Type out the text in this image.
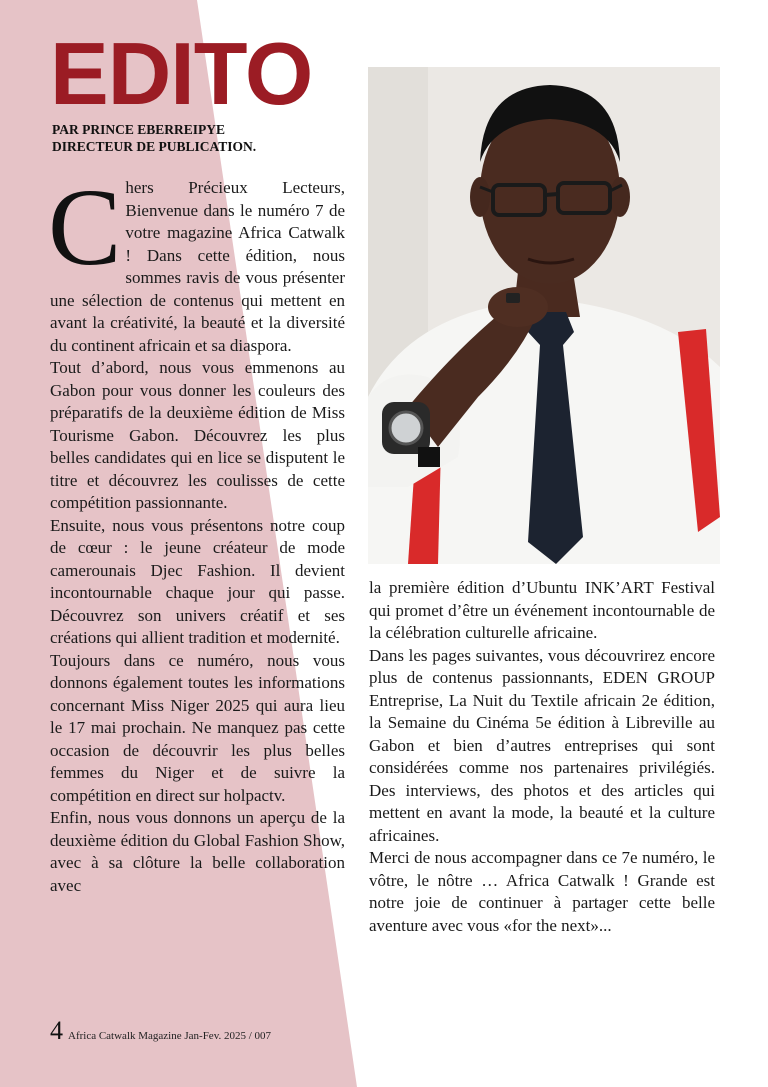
EDITO
PAR PRINCE EBERREIPYE
DIRECTEUR DE PUBLICATION.

Chers Précieux Lecteurs, Bienvenue dans le numéro 7 de votre magazine Africa Catwalk ! Dans cette édition, nous sommes ravis de vous présenter une sélection de contenus qui mettent en avant la créativité, la beauté et la diversité du continent africain et sa diaspora.

Tout d’abord, nous vous emmenons au Gabon pour vous donner les couleurs des préparatifs de la deuxième édition de Miss Tourisme Gabon. Découvrez les plus belles candidates qui en lice se disputent le titre et découvrez les coulisses de cette compétition passionnante.

Ensuite, nous vous présentons notre coup de cœur : le jeune créateur de mode camerounais Djec Fashion. Il devient incontournable chaque jour qui passe. Découvrez son univers créatif et ses créations qui allient tradition et modernité.

Toujours dans ce numéro, nous vous donnons également toutes les informations concernant Miss Niger 2025 qui aura lieu le 17 mai prochain. Ne manquez pas cette occasion de découvrir les plus belles femmes du Niger et de suivre la compétition en direct sur holpactv.

Enfin, nous vous donnons un aperçu de la deuxième édition du Global Fashion Show, avec à sa clôture la belle collaboration avec

la première édition d’Ubuntu INK’ART Festival qui promet d’être un événement incontournable de la célébration culturelle africaine.

Dans les pages suivantes, vous découvrirez encore plus de contenus passionnants, EDEN GROUP Entreprise, La Nuit du Textile africain 2e édition, la Semaine du Cinéma 5e édition à Libreville au Gabon et bien d’autres entreprises qui sont considérées comme nos partenaires privilégiés. Des interviews, des photos et des articles qui mettent en avant la mode, la beauté et la culture africaines.

Merci de nous accompagner dans ce 7e numéro, le vôtre, le nôtre … Africa Catwalk ! Grande est notre joie de continuer à partager cette belle aventure avec vous «for the next»...

4 Africa Catwalk Magazine Jan-Fev. 2025 / 007
